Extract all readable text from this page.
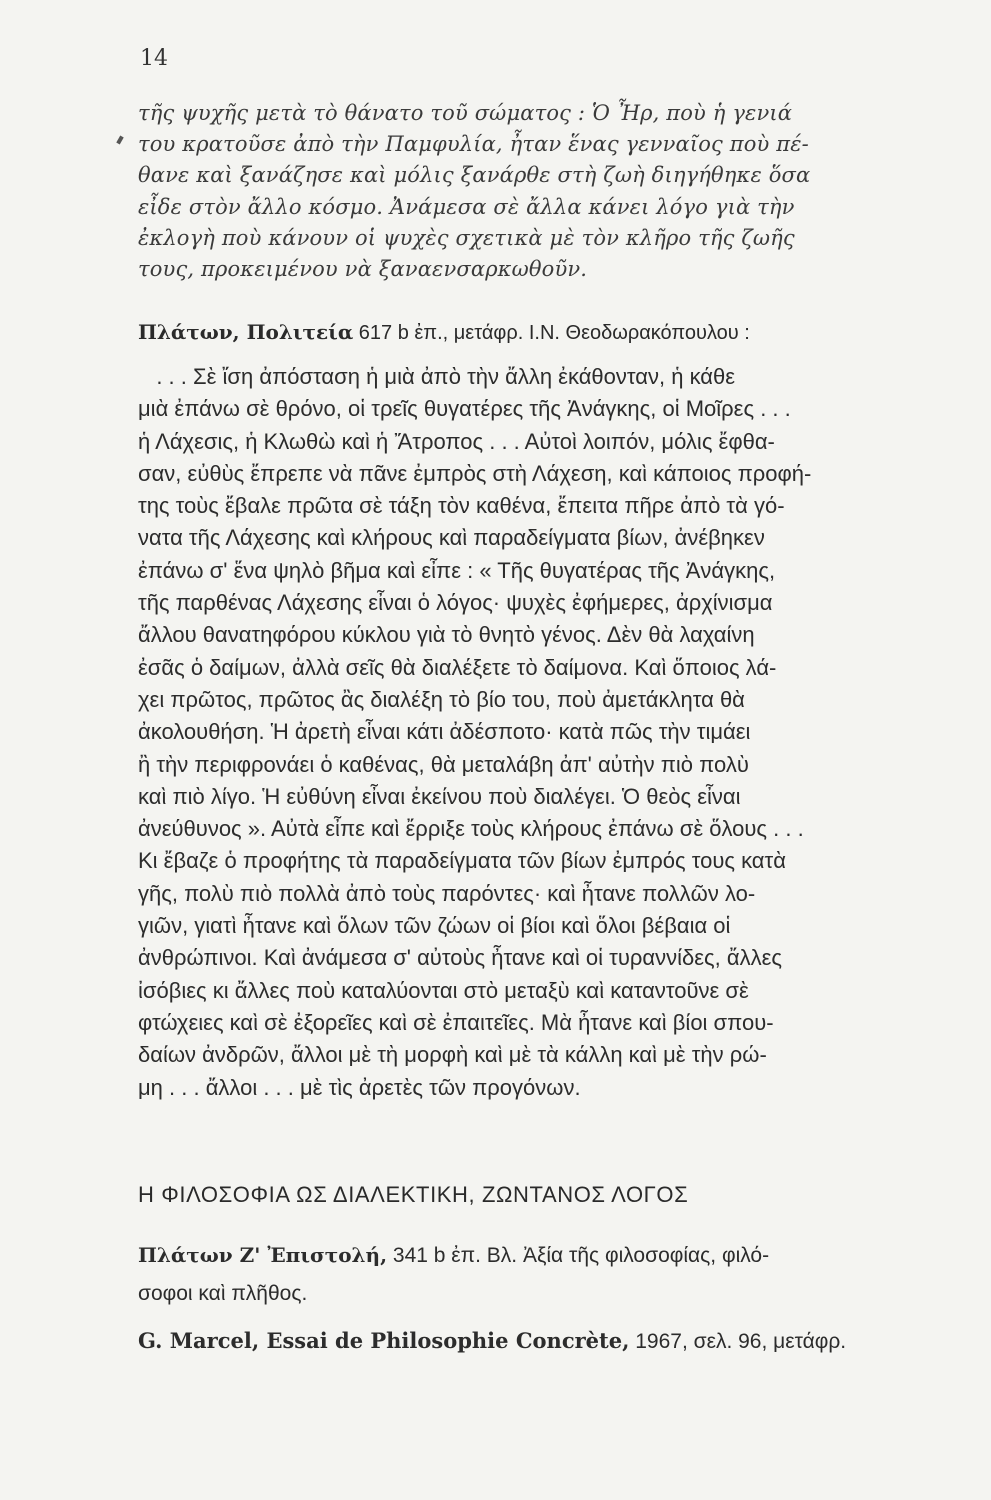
14
τῆς ψυχῆς μετὰ τὸ θάνατο τοῦ σώματος : Ὁ Ἦρ, ποὺ ἡ γενιά
του κρατοῦσε ἀπὸ τὴν Παμφυλία, ἦταν ἕνας γενναῖος ποὺ πέ-
θανε καὶ ξανάζησε καὶ μόλις ξανάρθε στὴ ζωὴ διηγήθηκε ὅσα
εἶδε στὸν ἄλλο κόσμο. Ἀνάμεσα σὲ ἄλλα κάνει λόγο γιὰ τὴν
ἐκλογὴ ποὺ κάνουν οἱ ψυχὲς σχετικὰ μὲ τὸν κλῆρο τῆς ζωῆς
τους, προκειμένου νὰ ξαναενσαρκωθοῦν.
Πλάτων, Πολιτεία 617 b ἐπ., μετάφρ. Ι.Ν. Θεοδωρακόπουλου :
. . . Σὲ ἴση ἀπόσταση ἡ μιὰ ἀπὸ τὴν ἄλλη ἐκάθονταν, ἡ κάθε
μιὰ ἐπάνω σὲ θρόνο, οἱ τρεῖς θυγατέρες τῆς Ἀνάγκης, οἱ Μοῖρες . . .
ἡ Λάχεσις, ἡ Κλωθὼ καὶ ἡ Ἄτροπος . . . Αὐτοὶ λοιπόν, μόλις ἔφθα-
σαν, εὐθὺς ἔπρεπε νὰ πᾶνε ἐμπρὸς στὴ Λάχεση, καὶ κάποιος προφή-
της τοὺς ἔβαλε πρῶτα σὲ τάξη τὸν καθένα, ἔπειτα πῆρε ἀπὸ τὰ γό-
νατα τῆς Λάχεσης καὶ κλήρους καὶ παραδείγματα βίων, ἀνέβηκεν
ἐπάνω σ' ἕνα ψηλὸ βῆμα καὶ εἶπε : « Τῆς θυγατέρας τῆς Ἀνάγκης,
τῆς παρθένας Λάχεσης εἶναι ὁ λόγος· ψυχὲς ἐφήμερες, ἀρχίνισμα
ἄλλου θανατηφόρου κύκλου γιὰ τὸ θνητὸ γένος. Δὲν θὰ λαχαίνη
ἐσᾶς ὁ δαίμων, ἀλλὰ σεῖς θὰ διαλέξετε τὸ δαίμονα. Καὶ ὅποιος λά-
χει πρῶτος, πρῶτος ἂς διαλέξη τὸ βίο του, ποὺ ἀμετάκλητα θὰ
ἀκολουθήση. Ἡ ἀρετὴ εἶναι κάτι ἀδέσποτο· κατὰ πῶς τὴν τιμάει
ἢ τὴν περιφρονάει ὁ καθένας, θὰ μεταλάβη ἀπ' αὐτὴν πιὸ πολὺ
καὶ πιὸ λίγο. Ἡ εὐθύνη εἶναι ἐκείνου ποὺ διαλέγει. Ὁ θεὸς εἶναι
ἀνεύθυνος ». Αὐτὰ εἶπε καὶ ἔρριξε τοὺς κλήρους ἐπάνω σὲ ὅλους . . .
Κι ἔβαζε ὁ προφήτης τὰ παραδείγματα τῶν βίων ἐμπρός τους κατὰ
γῆς, πολὺ πιὸ πολλὰ ἀπὸ τοὺς παρόντες· καὶ ἦτανε πολλῶν λο-
γιῶν, γιατὶ ἦτανε καὶ ὅλων τῶν ζώων οἱ βίοι καὶ ὅλοι βέβαια οἱ
ἀνθρώπινοι. Καὶ ἀνάμεσα σ' αὐτοὺς ἦτανε καὶ οἱ τυραννίδες, ἄλλες
ἰσόβιες κι ἄλλες ποὺ καταλύονται στὸ μεταξὺ καὶ καταντοῦνε σὲ
φτώχειες καὶ σὲ ἐξορεῖες καὶ σὲ ἐπαιτεῖες. Μὰ ἦτανε καὶ βίοι σπου-
δαίων ἀνδρῶν, ἄλλοι μὲ τὴ μορφὴ καὶ μὲ τὰ κάλλη καὶ μὲ τὴν ρώ-
μη . . . ἄλλοι . . . μὲ τὶς ἀρετὲς τῶν προγόνων.
Η ΦΙΛΟΣΟΦΙΑ ΩΣ ΔΙΑΛΕΚΤΙΚΗ, ΖΩΝΤΑΝΟΣ ΛΟΓΟΣ
Πλάτων Ζ' Ἐπιστολή, 341 b ἐπ. Βλ. Ἀξία τῆς φιλοσοφίας, φιλό-
σοφοι καὶ πλῆθος.
G. Marcel, Essai de Philosophie Concrète, 1967, σελ. 96, μετάφρ.
